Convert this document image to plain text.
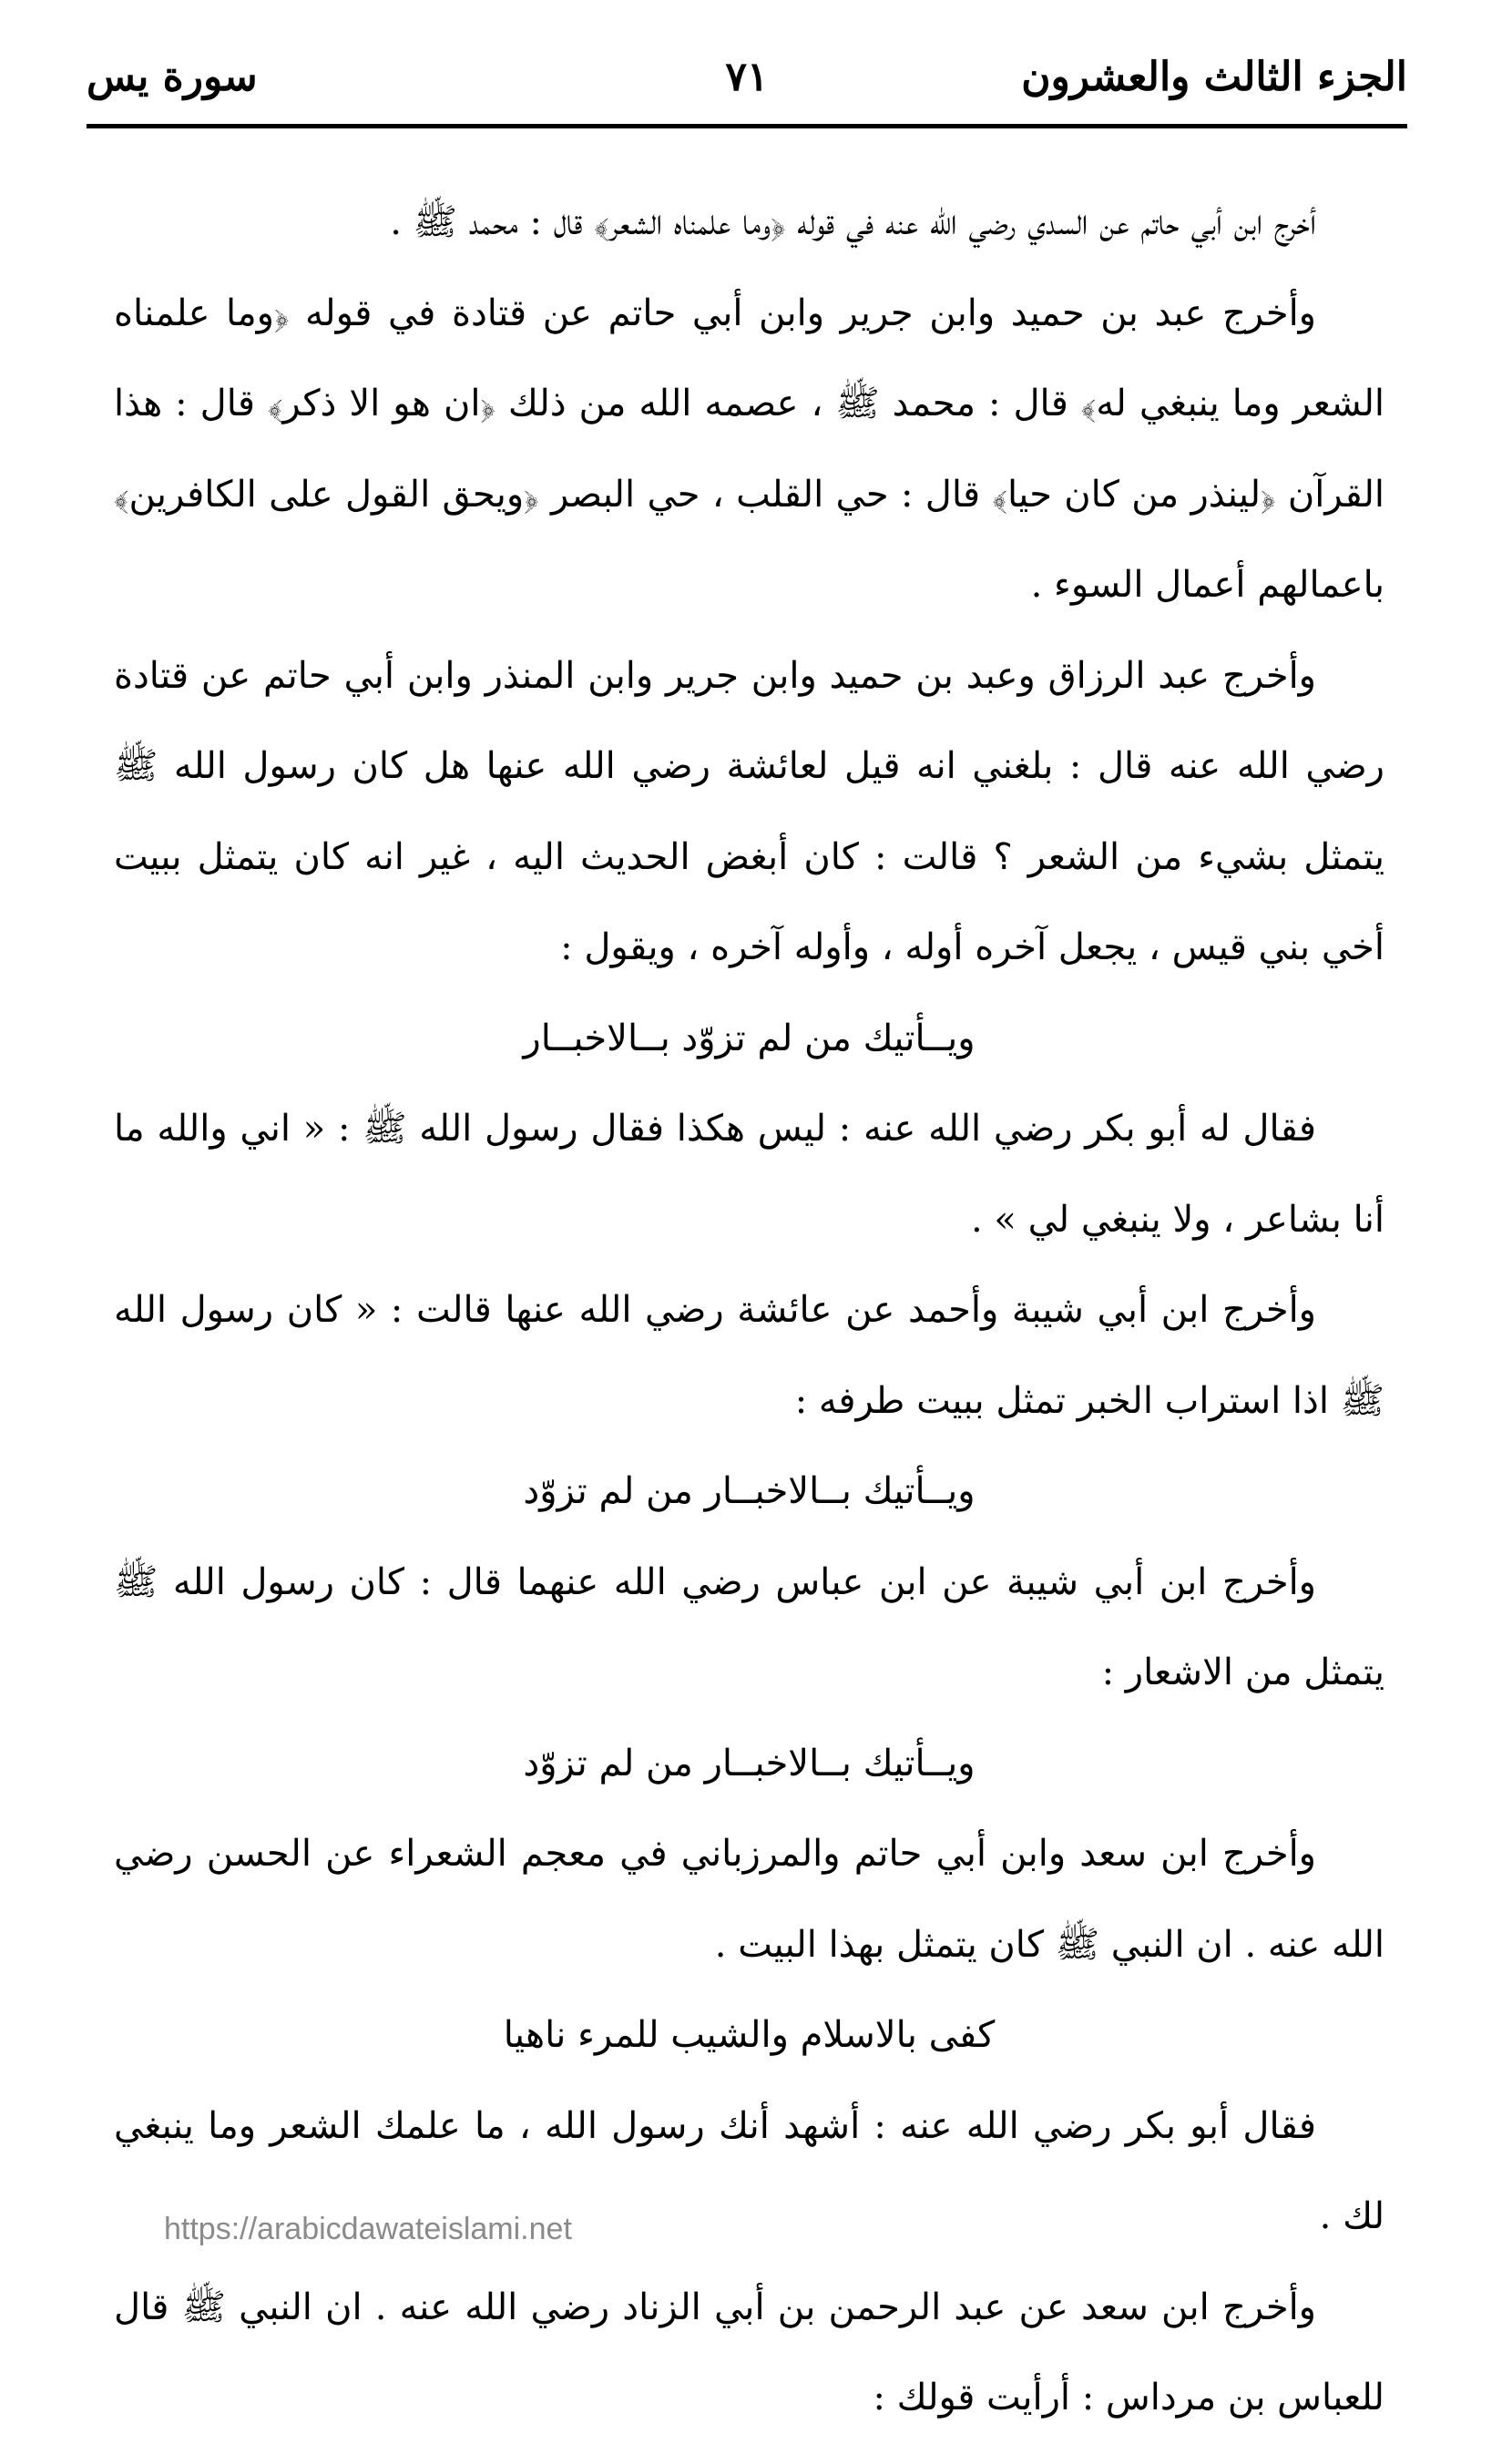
الجزء الثالث والعشرون
٧١
سورة يس

أخرج ابن أبي حاتم عن السدي رضي الله عنه في قوله ﴿وما علمناه الشعر﴾ قال : محمد ﷺ .

وأخرج عبد بن حميد وابن جرير وابن أبي حاتم عن قتادة في قوله ﴿وما علمناه الشعر وما ينبغي له﴾ قال : محمد ﷺ ، عصمه الله من ذلك ﴿ان هو الا ذكر﴾ قال : هذا القرآن ﴿لينذر من كان حيا﴾ قال : حي القلب ، حي البصر ﴿ويحق القول على الكافرين﴾ باعمالهم أعمال السوء .

وأخرج عبد الرزاق وعبد بن حميد وابن جرير وابن المنذر وابن أبي حاتم عن قتادة رضي الله عنه قال : بلغني انه قيل لعائشة رضي الله عنها هل كان رسول الله ﷺ يتمثل بشيء من الشعر ؟ قالت : كان أبغض الحديث اليه ، غير انه كان يتمثل ببيت أخي بني قيس ، يجعل آخره أوله ، وأوله آخره ، ويقول :

ويــأتيك من لم تزوّد بــالاخبــار

فقال له أبو بكر رضي الله عنه : ليس هكذا فقال رسول الله ﷺ : « اني والله ما أنا بشاعر ، ولا ينبغي لي » .

وأخرج ابن أبي شيبة وأحمد عن عائشة رضي الله عنها قالت : « كان رسول الله ﷺ اذا استراب الخبر تمثل ببيت طرفه :

ويــأتيك بــالاخبــار من لم تزوّد

وأخرج ابن أبي شيبة عن ابن عباس رضي الله عنهما قال : كان رسول الله ﷺ يتمثل من الاشعار :

ويــأتيك بــالاخبــار من لم تزوّد

وأخرج ابن سعد وابن أبي حاتم والمرزباني في معجم الشعراء عن الحسن رضي الله عنه . ان النبي ﷺ كان يتمثل بهذا البيت .

كفى بالاسلام والشيب للمرء ناهيا

فقال أبو بكر رضي الله عنه : أشهد أنك رسول الله ، ما علمك الشعر وما ينبغي لك .

وأخرج ابن سعد عن عبد الرحمن بن أبي الزناد رضي الله عنه . ان النبي ﷺ قال للعباس بن مرداس : أرأيت قولك :

https://arabicdawateislami.net
